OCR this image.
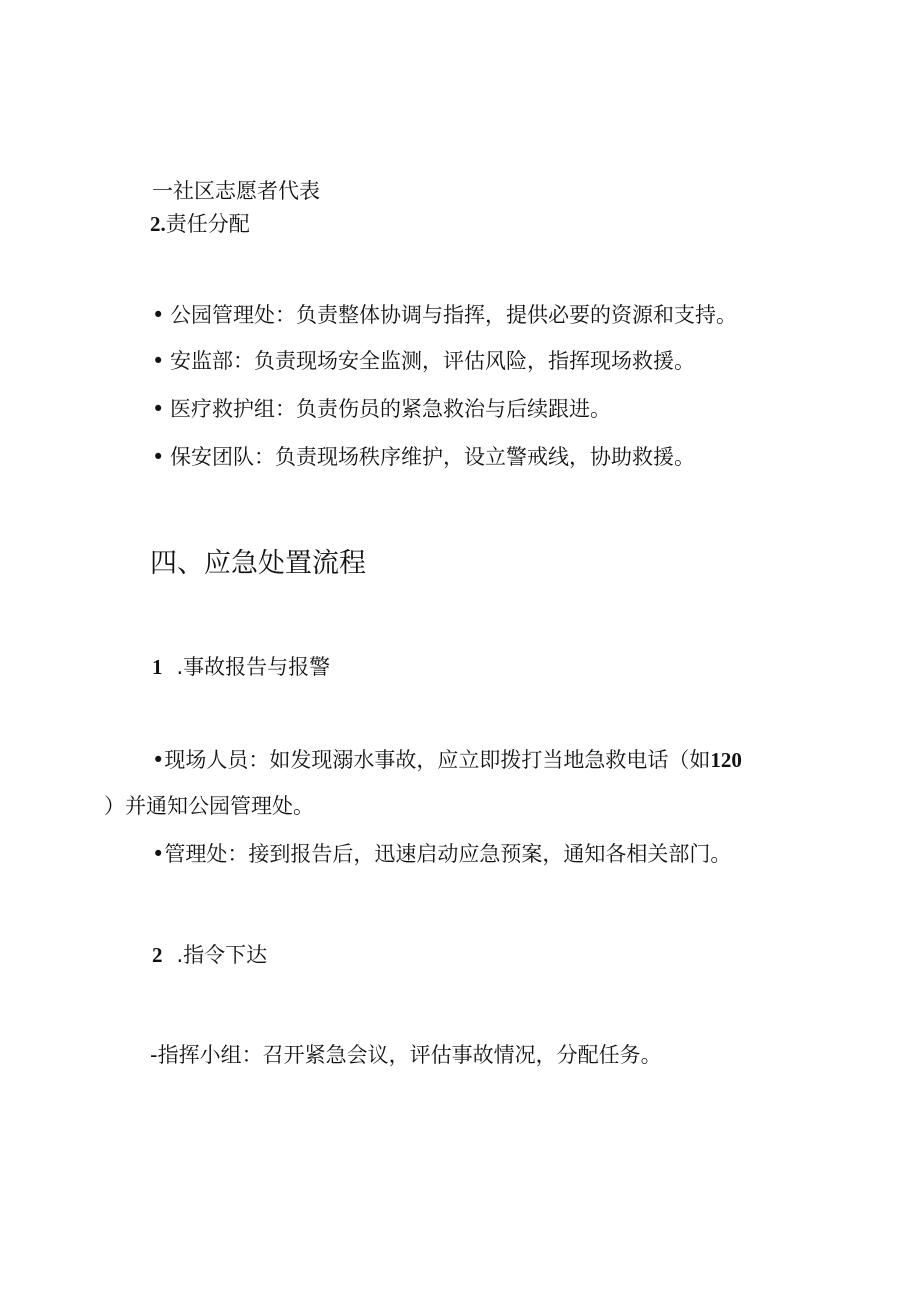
一社区志愿者代表
2.责任分配
• 公园管理处：负责整体协调与指挥，提供必要的资源和支持。
• 安监部：负责现场安全监测，评估风险，指挥现场救援。
• 医疗救护组：负责伤员的紧急救治与后续跟进。
• 保安团队：负责现场秩序维护，设立警戒线，协助救援。
四、应急处置流程
1 .事故报告与报警
•现场人员：如发现溺水事故，应立即拨打当地急救电话（如120
）并通知公园管理处。
•管理处：接到报告后，迅速启动应急预案，通知各相关部门。
2 .指令下达
-指挥小组：召开紧急会议，评估事故情况，分配任务。
